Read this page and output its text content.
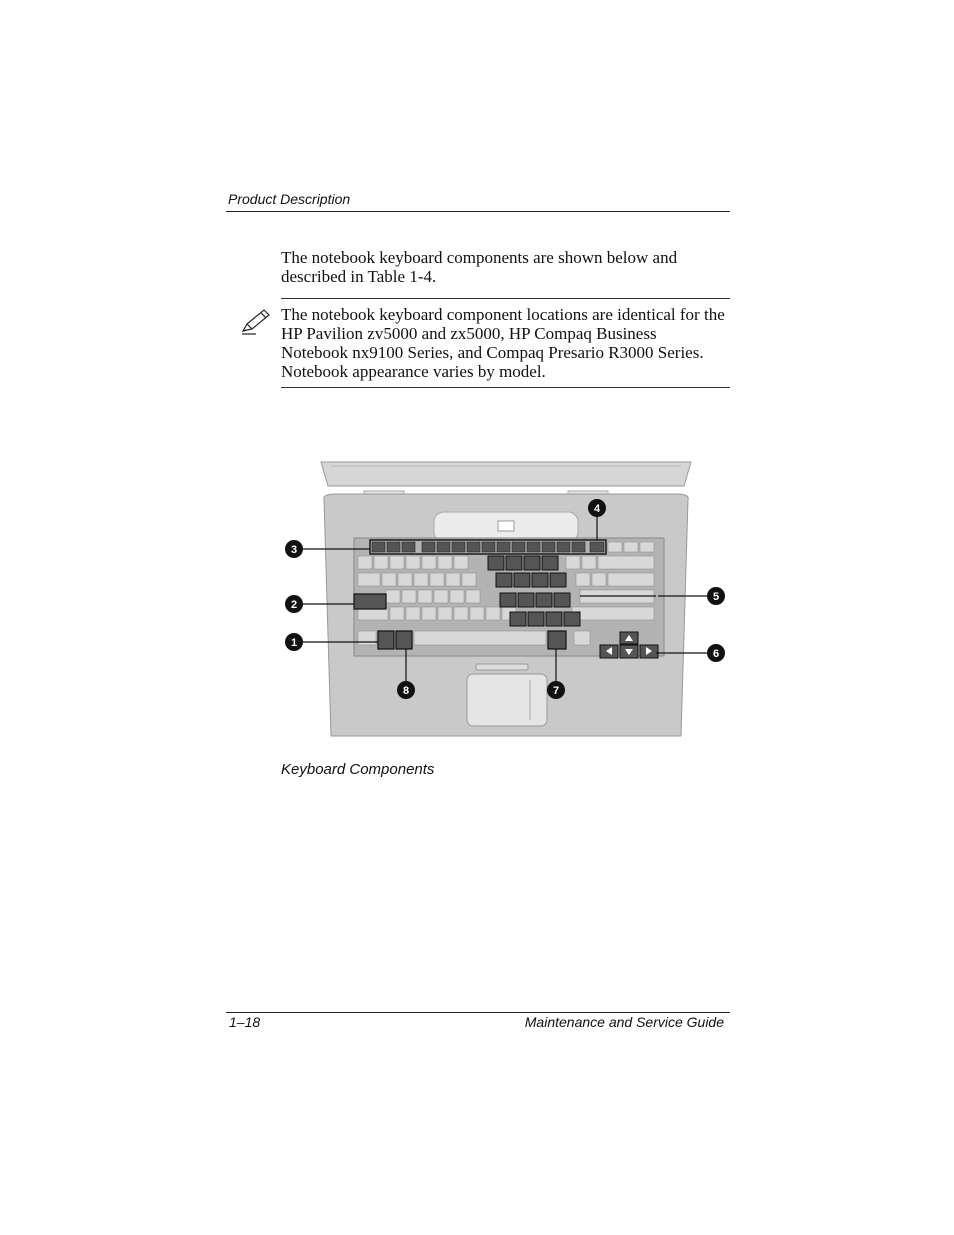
Product Description
The notebook keyboard components are shown below and described in Table 1-4.
The notebook keyboard component locations are identical for the HP Pavilion zv5000 and zx5000, HP Compaq Business Notebook nx9100 Series, and Compaq Presario R3000 Series. Notebook appearance varies by model.
1
2
3
4
5
6
7
8
Keyboard Components
1–18	Maintenance and Service Guide
